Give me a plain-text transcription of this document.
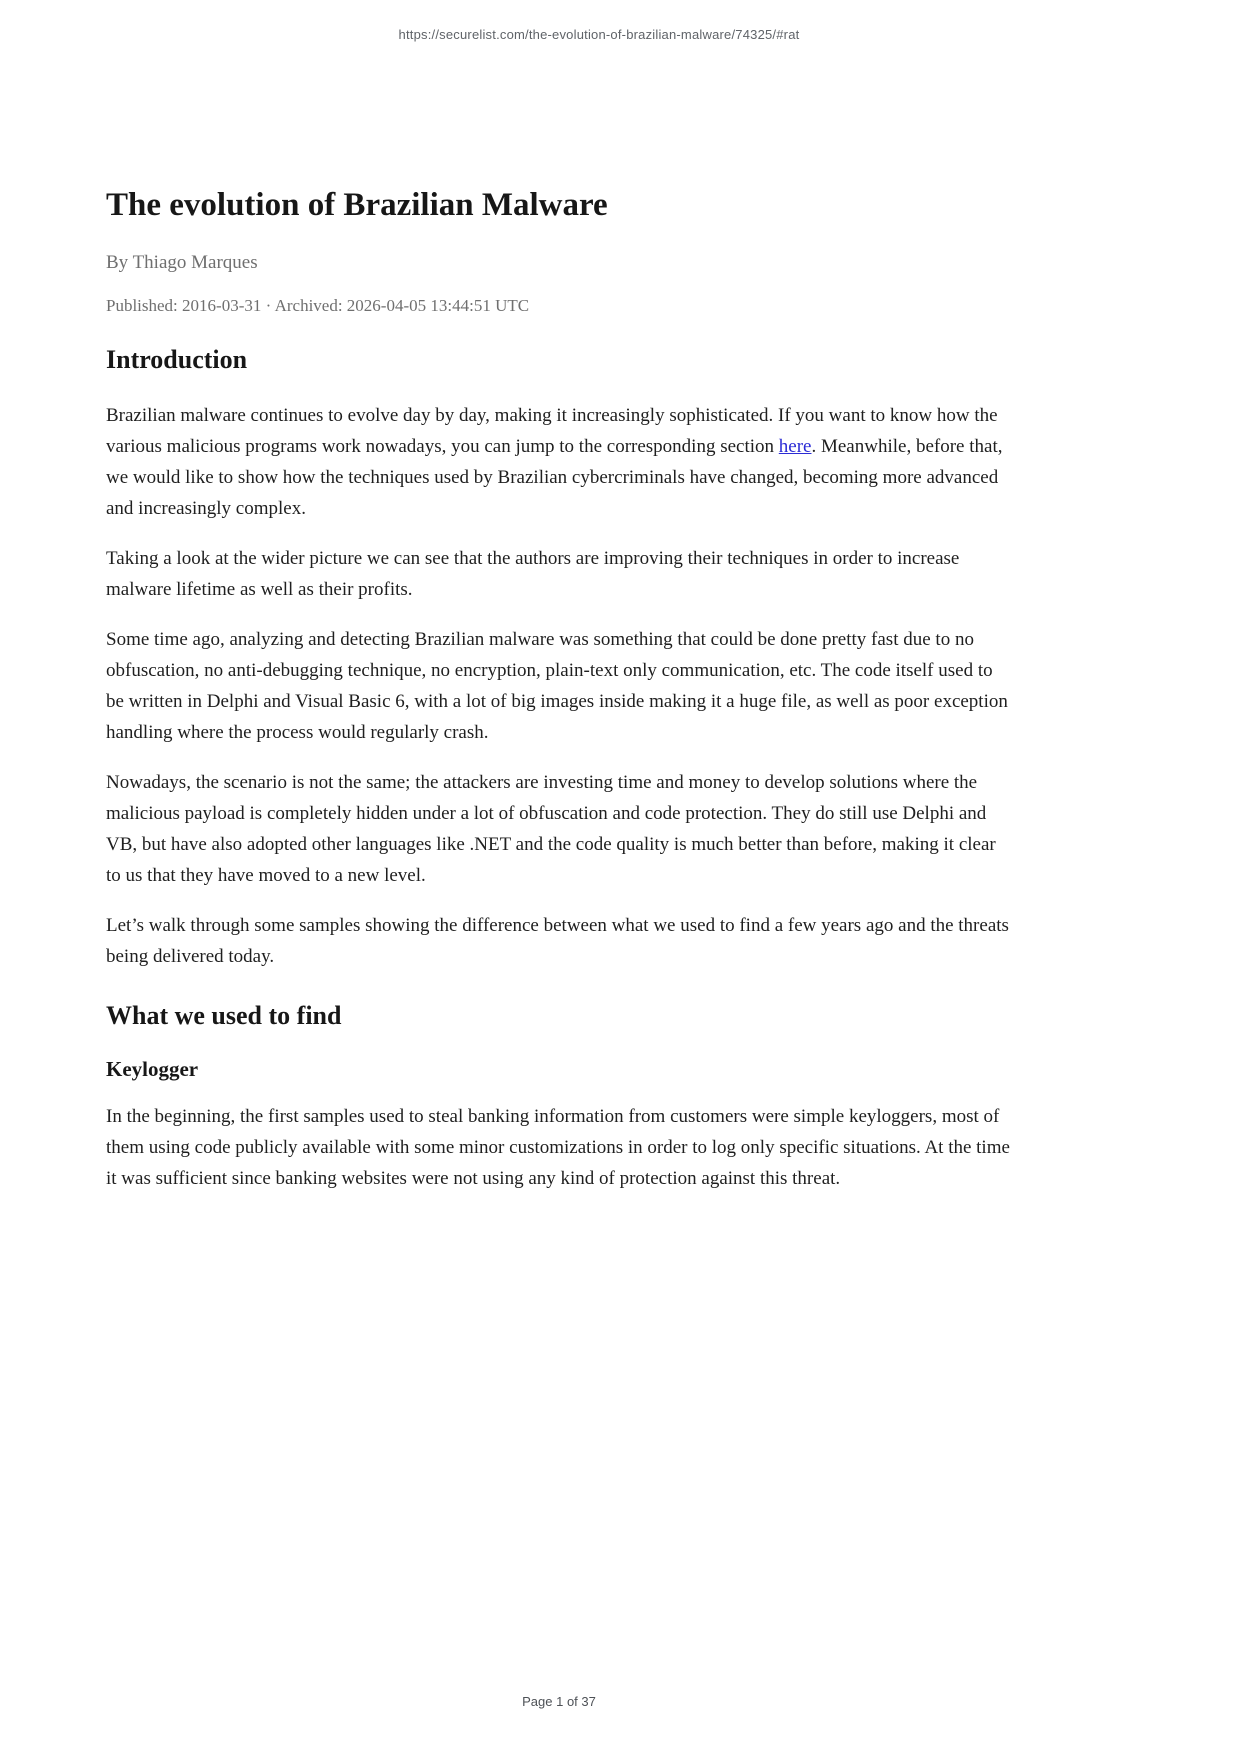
https://securelist.com/the-evolution-of-brazilian-malware/74325/#rat
The evolution of Brazilian Malware

By Thiago Marques

Published: 2016-03-31 · Archived: 2026-04-05 13:44:51 UTC

Introduction

Brazilian malware continues to evolve day by day, making it increasingly sophisticated. If you want to know how the various malicious programs work nowadays, you can jump to the corresponding section here. Meanwhile, before that, we would like to show how the techniques used by Brazilian cybercriminals have changed, becoming more advanced and increasingly complex.

Taking a look at the wider picture we can see that the authors are improving their techniques in order to increase malware lifetime as well as their profits.

Some time ago, analyzing and detecting Brazilian malware was something that could be done pretty fast due to no obfuscation, no anti-debugging technique, no encryption, plain-text only communication, etc. The code itself used to be written in Delphi and Visual Basic 6, with a lot of big images inside making it a huge file, as well as poor exception handling where the process would regularly crash.

Nowadays, the scenario is not the same; the attackers are investing time and money to develop solutions where the malicious payload is completely hidden under a lot of obfuscation and code protection. They do still use Delphi and VB, but have also adopted other languages like .NET and the code quality is much better than before, making it clear to us that they have moved to a new level.

Let’s walk through some samples showing the difference between what we used to find a few years ago and the threats being delivered today.

What we used to find
Keylogger

In the beginning, the first samples used to steal banking information from customers were simple keyloggers, most of them using code publicly available with some minor customizations in order to log only specific situations. At the time it was sufficient since banking websites were not using any kind of protection against this threat.

Page 1 of 37
